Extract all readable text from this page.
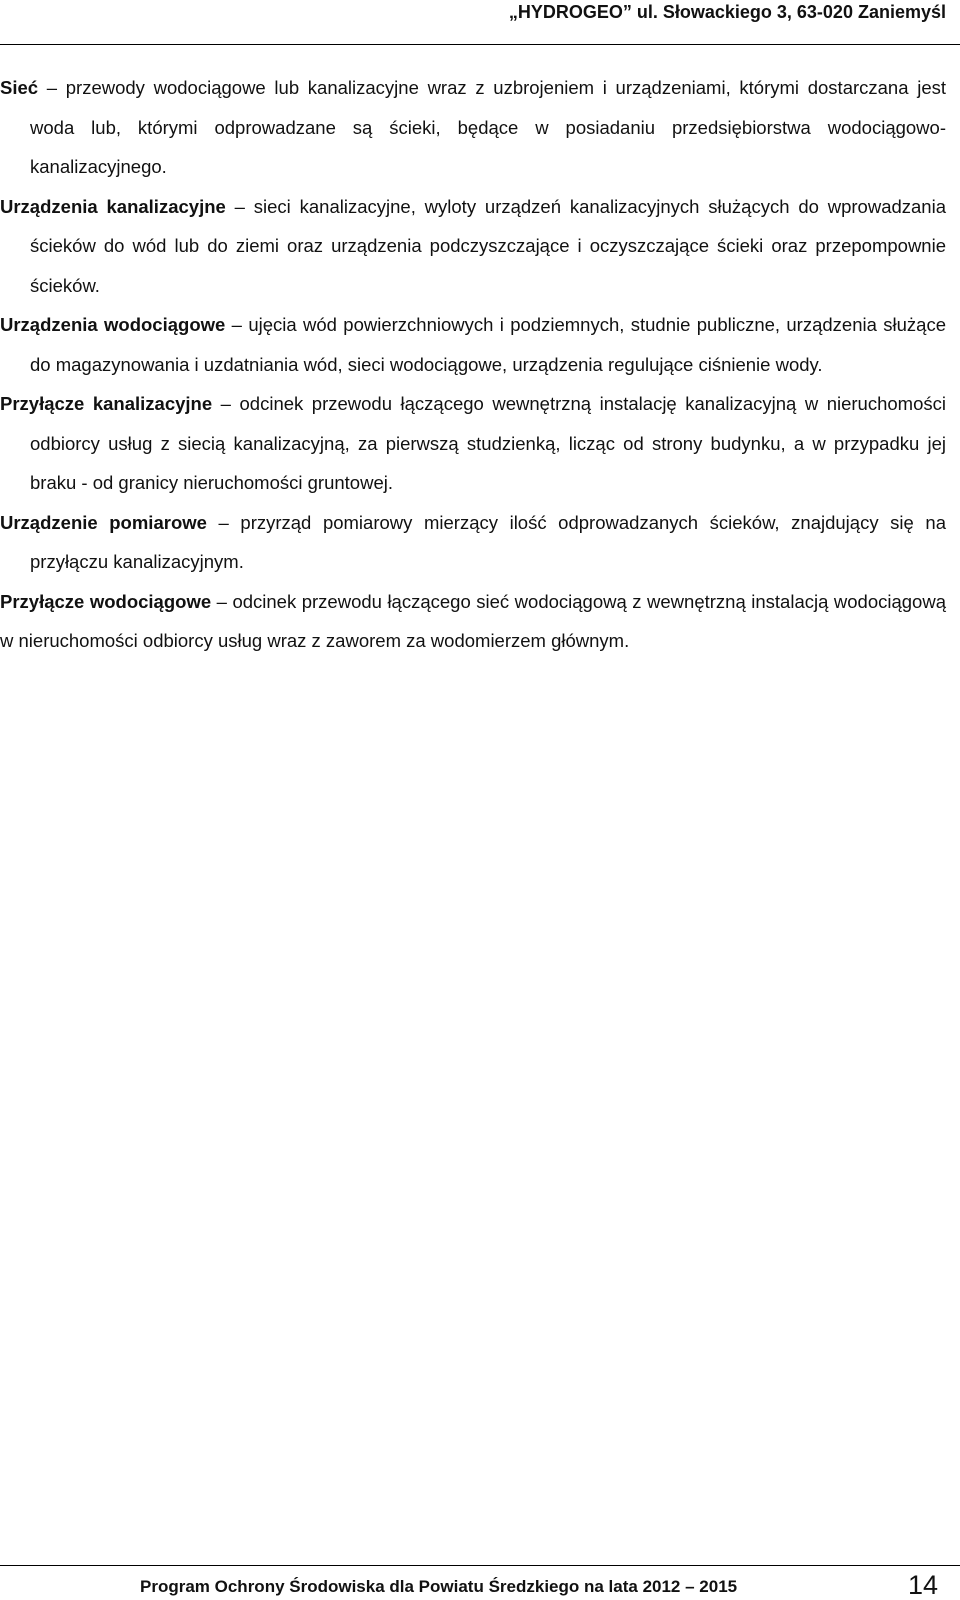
„HYDROGEO” ul. Słowackiego 3, 63-020 Zaniemyśl

Sieć – przewody wodociągowe lub kanalizacyjne wraz z uzbrojeniem i urządzeniami, którymi dostarczana jest woda lub, którymi odprowadzane są ścieki, będące w posiadaniu przedsiębiorstwa wodociągowo-kanalizacyjnego.

Urządzenia kanalizacyjne – sieci kanalizacyjne, wyloty urządzeń kanalizacyjnych służących do wprowadzania ścieków do wód lub do ziemi oraz urządzenia podczyszczające i oczyszczające ścieki oraz przepompownie ścieków.

Urządzenia wodociągowe – ujęcia wód powierzchniowych i podziemnych, studnie publiczne, urządzenia służące do magazynowania i uzdatniania wód, sieci wodociągowe, urządzenia regulujące ciśnienie wody.

Przyłącze kanalizacyjne – odcinek przewodu łączącego wewnętrzną instalację kanalizacyjną w nieruchomości odbiorcy usług z siecią kanalizacyjną, za pierwszą studzienką, licząc od strony budynku, a w przypadku jej braku - od granicy nieruchomości gruntowej.

Urządzenie pomiarowe – przyrząd pomiarowy mierzący ilość odprowadzanych ścieków, znajdujący się na przyłączu kanalizacyjnym.

Przyłącze wodociągowe – odcinek przewodu łączącego sieć wodociągową z wewnętrzną instalacją wodociągową w nieruchomości odbiorcy usług wraz z zaworem za wodomierzem głównym.

Program Ochrony Środowiska dla Powiatu Średzkiego na lata 2012 – 2015	14
